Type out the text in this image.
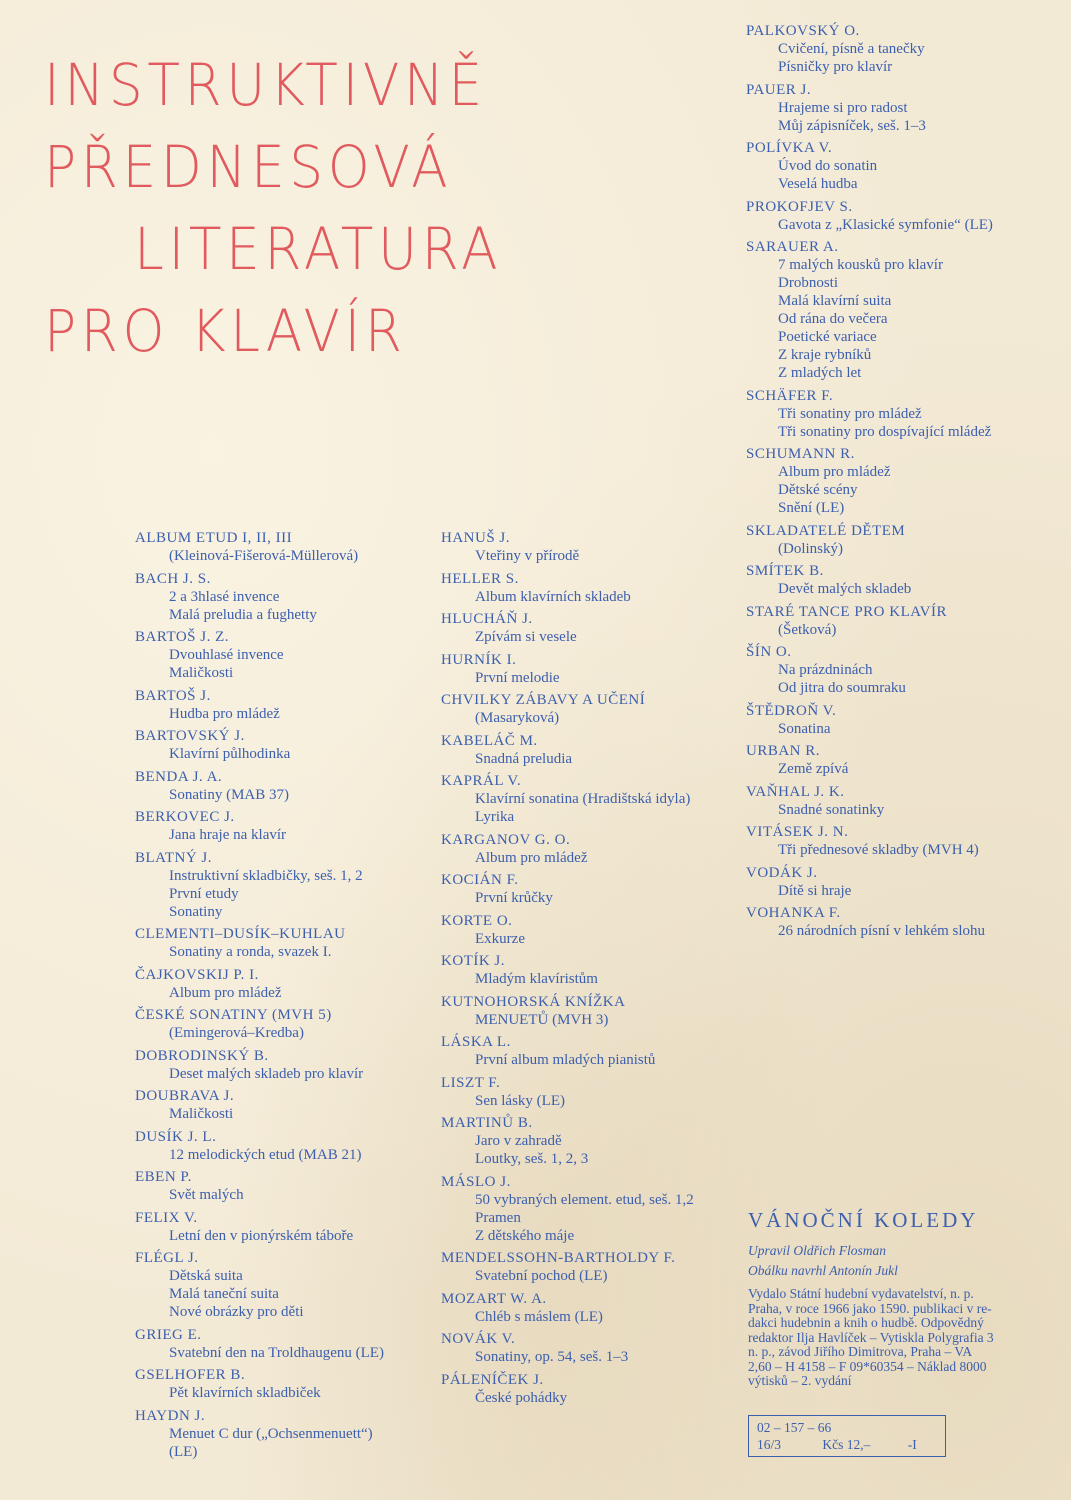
INSTRUKTIVNĚ
PŘEDNESOVÁ
LITERATURA
PRO KLAVÍR
ALBUM ETUD I, II, III
(Kleinová-Fišerová-Müllerová)
BACH J. S.
2 a 3hlasé invence
Malá preludia a fughetty
BARTOŠ J. Z.
Dvouhlasé invence
Maličkosti
BARTOŠ J.
Hudba pro mládež
BARTOVSKÝ J.
Klavírní půlhodinka
BENDA J. A.
Sonatiny (MAB 37)
BERKOVEC J.
Jana hraje na klavír
BLATNÝ J.
Instruktivní skladbičky, seš. 1, 2
První etudy
Sonatiny
CLEMENTI–DUSÍK–KUHLAU
Sonatiny a ronda, svazek I.
ČAJKOVSKIJ P. I.
Album pro mládež
ČESKÉ SONATINY (MVH 5)
(Emingerová–Kredba)
DOBRODINSKÝ B.
Deset malých skladeb pro klavír
DOUBRAVA J.
Maličkosti
DUSÍK J. L.
12 melodických etud (MAB 21)
EBEN P.
Svět malých
FELIX V.
Letní den v pionýrském táboře
FLÉGL J.
Dětská suita
Malá taneční suita
Nové obrázky pro děti
GRIEG E.
Svatební den na Troldhaugenu (LE)
GSELHOFER B.
Pět klavírních skladbiček
HAYDN J.
Menuet C dur („Ochsenmenuett“)
(LE)
HANUŠ J.
Vteřiny v přírodě
HELLER S.
Album klavírních skladeb
HLUCHÁŇ J.
Zpívám si vesele
HURNÍK I.
První melodie
CHVILKY ZÁBAVY A UČENÍ
(Masaryková)
KABELÁČ M.
Snadná preludia
KAPRÁL V.
Klavírní sonatina (Hradištská idyla)
Lyrika
KARGANOV G. O.
Album pro mládež
KOCIÁN F.
První krůčky
KORTE O.
Exkurze
KOTÍK J.
Mladým klavíristům
KUTNOHORSKÁ KNÍŽKA
MENUETŮ (MVH 3)
LÁSKA L.
První album mladých pianistů
LISZT F.
Sen lásky (LE)
MARTINŮ B.
Jaro v zahradě
Loutky, seš. 1, 2, 3
MÁSLO J.
50 vybraných element. etud, seš. 1,2
Pramen
Z dětského máje
MENDELSSOHN-BARTHOLDY F.
Svatební pochod (LE)
MOZART W. A.
Chléb s máslem (LE)
NOVÁK V.
Sonatiny, op. 54, seš. 1–3
PÁLENÍČEK J.
České pohádky
PALKOVSKÝ O.
Cvičení, písně a tanečky
Písničky pro klavír
PAUER J.
Hrajeme si pro radost
Můj zápisníček, seš. 1–3
POLÍVKA V.
Úvod do sonatin
Veselá hudba
PROKOFJEV S.
Gavota z „Klasické symfonie“ (LE)
SARAUER A.
7 malých kousků pro klavír
Drobnosti
Malá klavírní suita
Od rána do večera
Poetické variace
Z kraje rybníků
Z mladých let
SCHÄFER F.
Tři sonatiny pro mládež
Tři sonatiny pro dospívající mládež
SCHUMANN R.
Album pro mládež
Dětské scény
Snění (LE)
SKLADATELÉ DĚTEM
(Dolinský)
SMÍTEK B.
Devět malých skladeb
STARÉ TANCE PRO KLAVÍR
(Šetková)
ŠÍN O.
Na prázdninách
Od jitra do soumraku
ŠTĚDROŇ V.
Sonatina
URBAN R.
Země zpívá
VAŇHAL J. K.
Snadné sonatinky
VITÁSEK J. N.
Tři přednesové skladby (MVH 4)
VODÁK J.
Dítě si hraje
VOHANKA F.
26 národních písní v lehkém slohu
VÁNOČNÍ KOLEDY
Upravil Oldřich Flosman
Obálku navrhl Antonín Jukl
Vydalo Státní hudební vydavatelství, n. p.
Praha, v roce 1966 jako 1590. publikaci v re-
dakci hudebnin a knih o hudbě. Odpovědný
redaktor Ilja Havlíček – Vytiskla Polygrafia 3
n. p., závod Jiřího Dimitrova, Praha – VA
2,60 – H 4158 – F 09*60354 – Náklad 8000
výtisků – 2. vydání
02 – 157 – 66
16/3	Kčs 12,–	-I
